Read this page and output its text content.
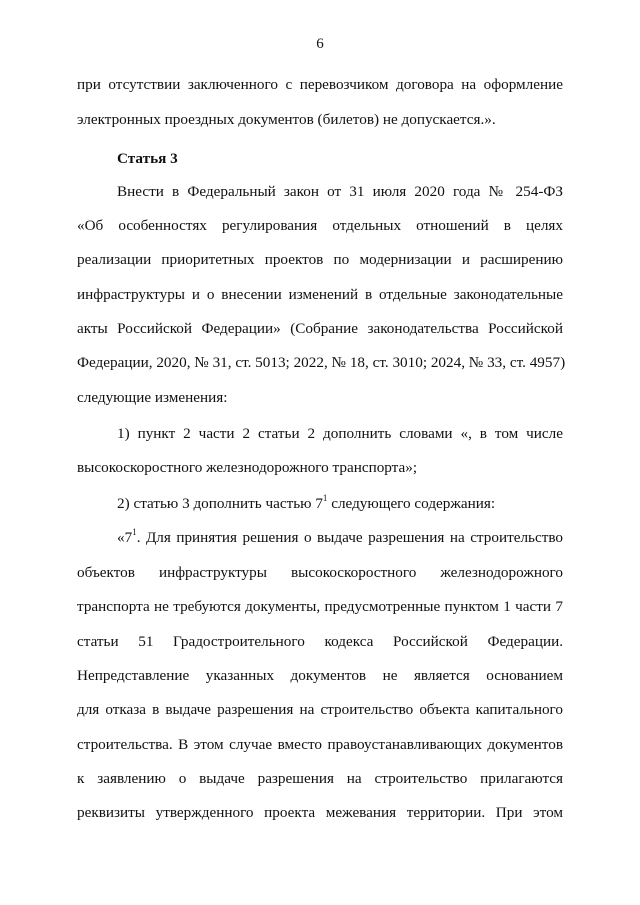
6
при отсутствии заключенного с перевозчиком договора на оформление
электронных проездных документов (билетов) не допускается.».
Статья 3
Внести в Федеральный закон от 31 июля 2020 года № 254-ФЗ
«Об особенностях регулирования отдельных отношений в целях
реализации приоритетных проектов по модернизации и расширению
инфраструктуры и о внесении изменений в отдельные законодательные
акты Российской Федерации» (Собрание законодательства Российской
Федерации, 2020, № 31, ст. 5013; 2022, № 18, ст. 3010; 2024, № 33, ст. 4957)
следующие изменения:
1) пункт 2 части 2 статьи 2 дополнить словами «, в том числе
высокоскоростного железнодорожного транспорта»;
2) статью 3 дополнить частью $7^1$ следующего содержания:
«$7^1$. Для принятия решения о выдаче разрешения на строительство
объектов инфраструктуры высокоскоростного железнодорожного
транспорта не требуются документы, предусмотренные пунктом 1 части 7
статьи 51 Градостроительного кодекса Российской Федерации.
Непредставление указанных документов не является основанием
для отказа в выдаче разрешения на строительство объекта капитального
строительства. В этом случае вместо правоустанавливающих документов
к заявлению о выдаче разрешения на строительство прилагаются
реквизиты утвержденного проекта межевания территории. При этом
